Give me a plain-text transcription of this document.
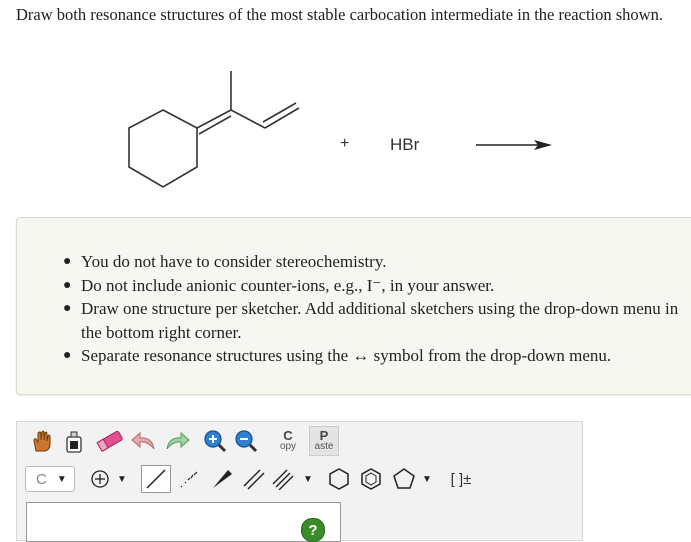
Draw both resonance structures of the most stable carbocation intermediate in the reaction shown.
+ HBr
● You do not have to consider stereochemistry.
● Do not include anionic counter-ions, e.g., I⁻, in your answer.
● Draw one structure per sketcher. Add additional sketchers using the drop-down menu in the bottom right corner.
● Separate resonance structures using the ↔ symbol from the drop-down menu.
C
opy
P
aste
C ▼	▼	▼	▼	[ ]±
?
